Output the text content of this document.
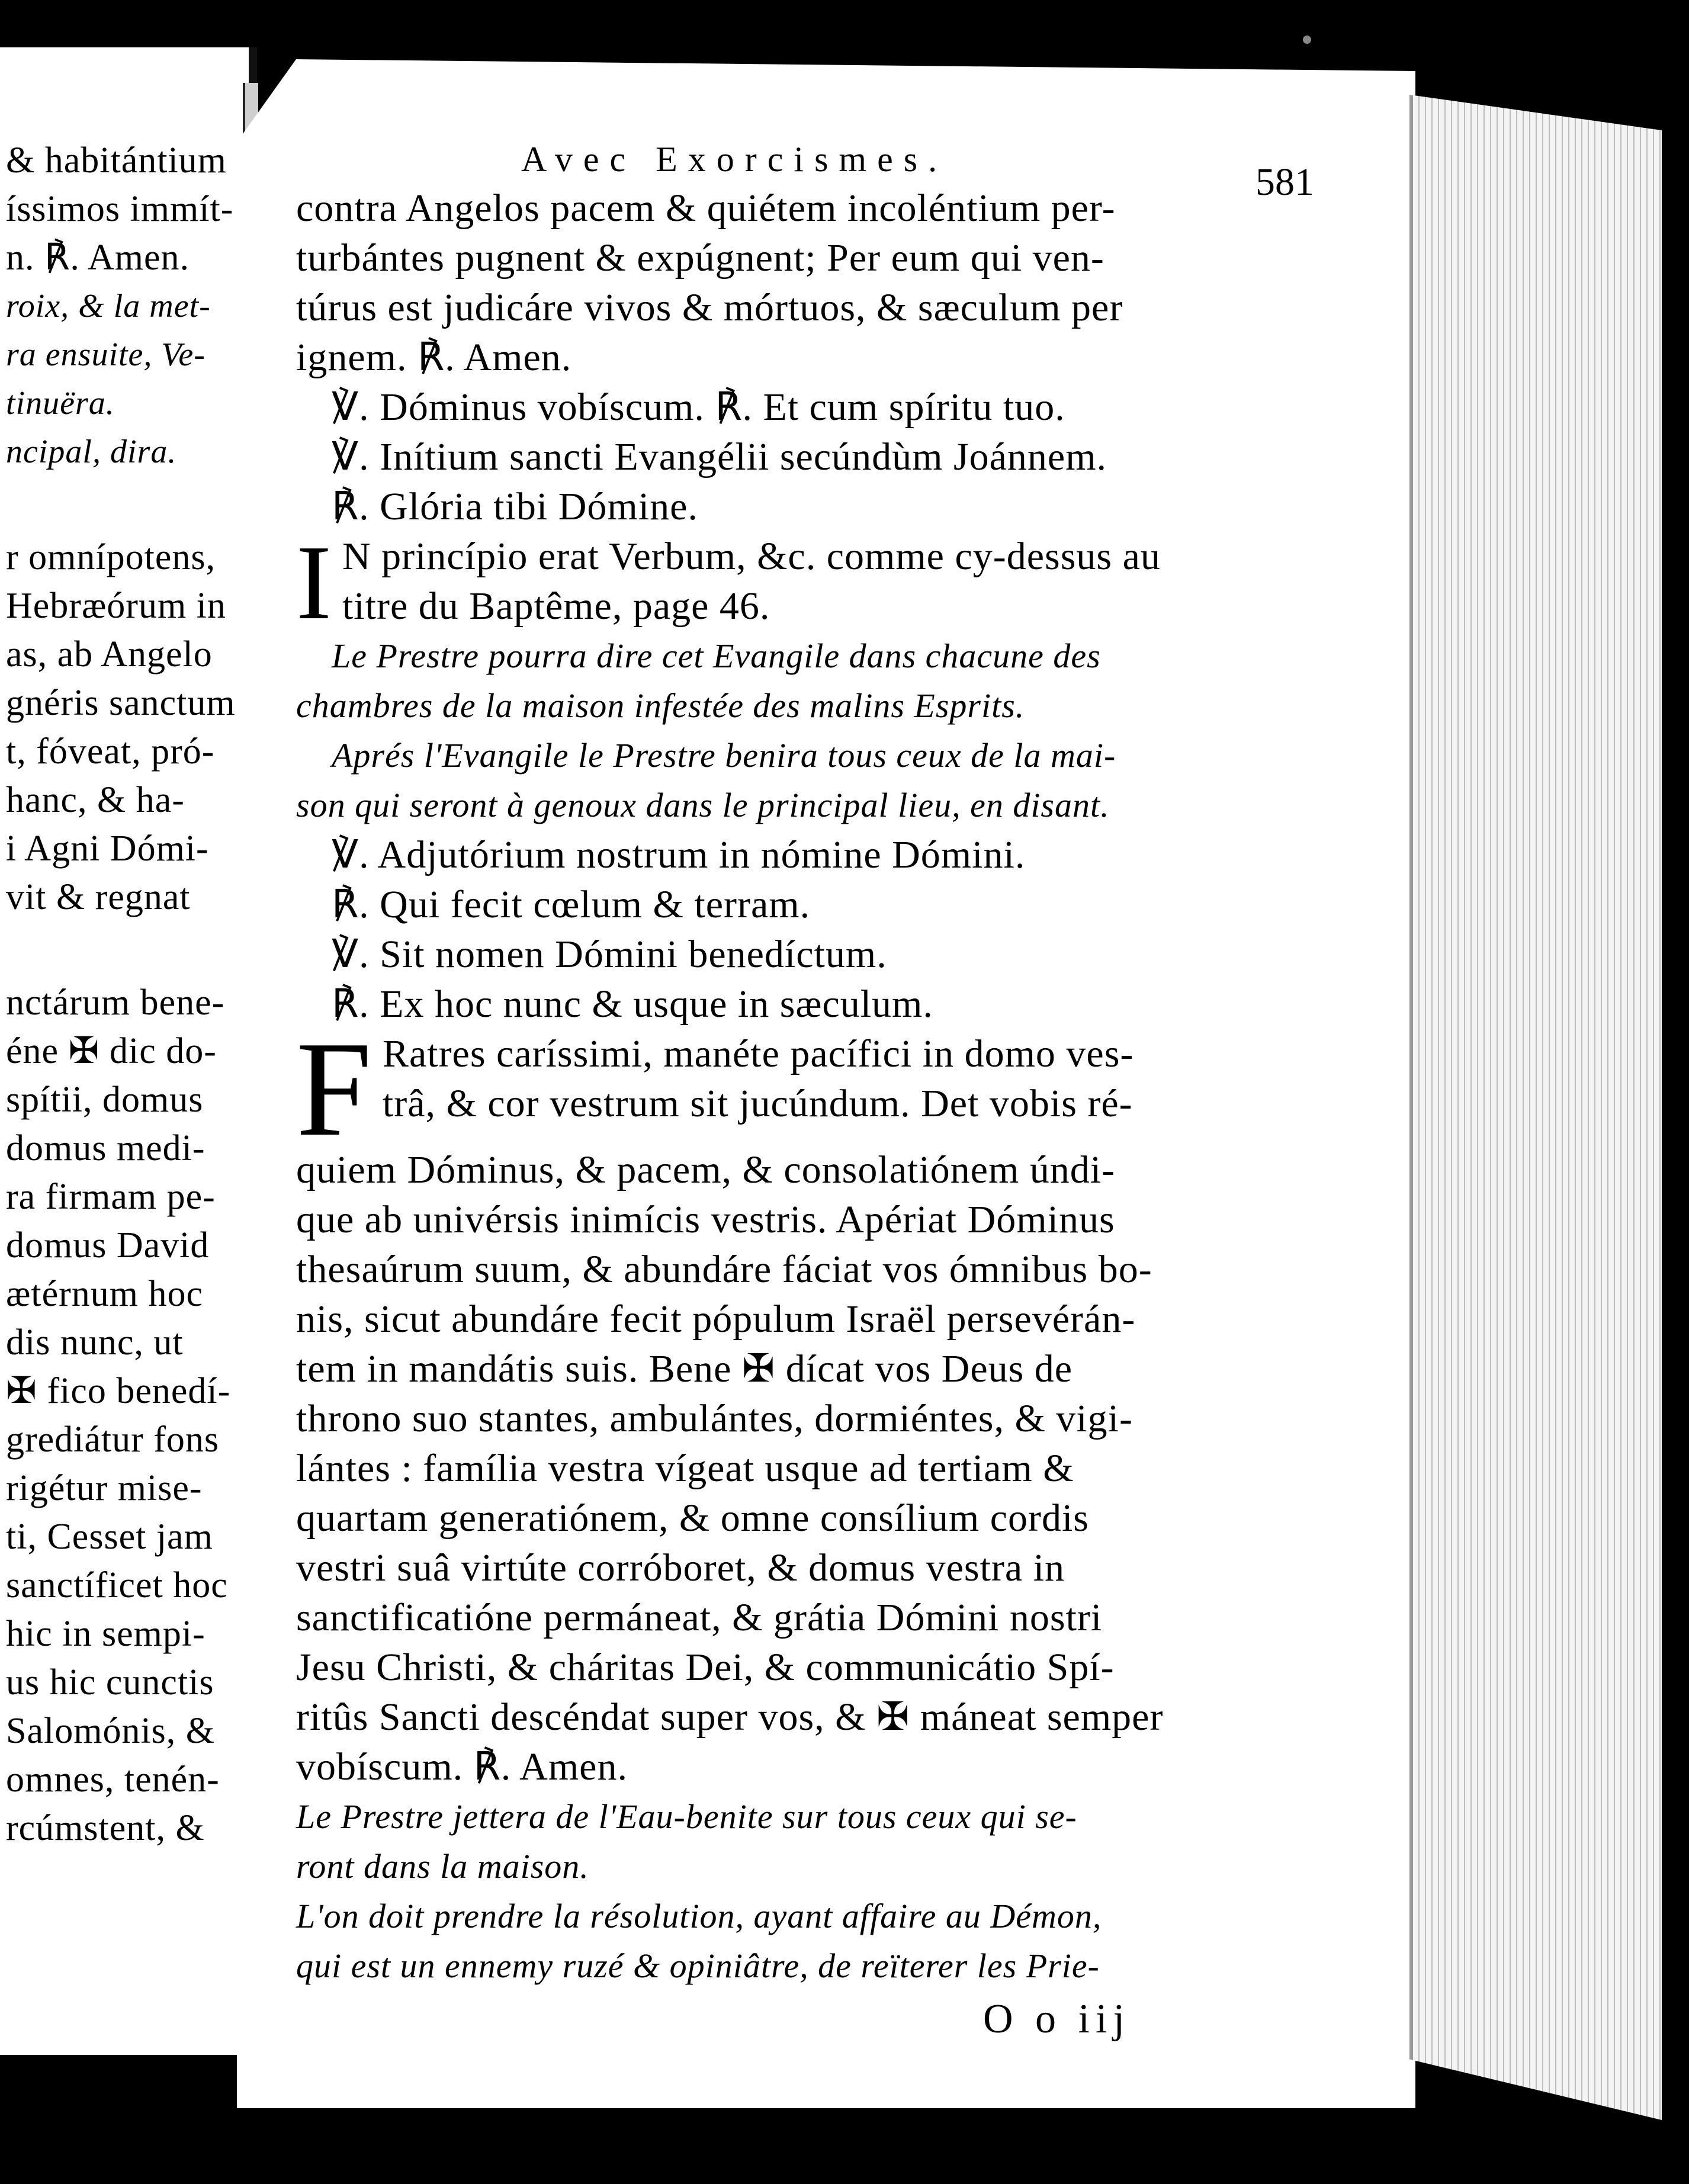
& habitántium
íssimos immít-
n. ℟. Amen.
roix, & la met-
ra ensuite, Ve-
tinuëra.
ncipal, dira.
r omnípotens,
Hebræórum in
as, ab Angelo
gnéris sanctum
t, fóveat, pró-
hanc, & ha-
i Agni Dómi-
vit & regnat
nctárum bene-
éne ✠ dic do-
spítii, domus
domus medi-
ra firmam pe-
domus David
ætérnum hoc
dis nunc, ut
✠ fico benedí-
grediátur fons
rigétur mise-
ti, Cesset jam
sanctíficet hoc
hic in sempi-
us hic cunctis
Salomónis, &
omnes, tenén-
rcúmstent, &
Avec Exorcismes.
581
contra Angelos pacem & quiétem incoléntium per-
turbántes pugnent & expúgnent; Per eum qui ven-
túrus est judicáre vivos & mórtuos, & sæculum per
ignem. ℟. Amen.
℣. Dóminus vobíscum. ℟. Et cum spíritu tuo.
℣. Inítium sancti Evangélii secúndùm Joánnem.
℟. Glória tibi Dómine.
I N princípio erat Verbum, &c. comme cy-dessus au
titre du Baptême, page 46.
Le Prestre pourra dire cet Evangile dans chacune des
chambres de la maison infestée des malins Esprits.
Aprés l'Evangile le Prestre benira tous ceux de la mai-
son qui seront à genoux dans le principal lieu, en disant.
℣. Adjutórium nostrum in nómine Dómini.
℟. Qui fecit cœlum & terram.
℣. Sit nomen Dómini benedíctum.
℟. Ex hoc nunc & usque in sæculum.
F Ratres caríssimi, manéte pacífici in domo ves-
trâ, & cor vestrum sit jucúndum. Det vobis ré-
quiem Dóminus, & pacem, & consolatiónem úndi-
que ab univérsis inimícis vestris. Apériat Dóminus
thesaúrum suum, & abundáre fáciat vos ómnibus bo-
nis, sicut abundáre fecit pópulum Israël persevérán-
tem in mandátis suis. Bene ✠ dícat vos Deus de
throno suo stantes, ambulántes, dormiéntes, & vigi-
lántes : família vestra vígeat usque ad tertiam &
quartam generatiónem, & omne consílium cordis
vestri suâ virtúte corróboret, & domus vestra in
sanctificatióne permáneat, & grátia Dómini nostri
Jesu Christi, & cháritas Dei, & communicátio Spí-
ritûs Sancti descéndat super vos, & ✠ máneat semper
vobíscum. ℟. Amen.
Le Prestre jettera de l'Eau-benite sur tous ceux qui se-
ront dans la maison.
L'on doit prendre la résolution, ayant affaire au Démon,
qui est un ennemy ruzé & opiniâtre, de reïterer les Prie-
O o iij
